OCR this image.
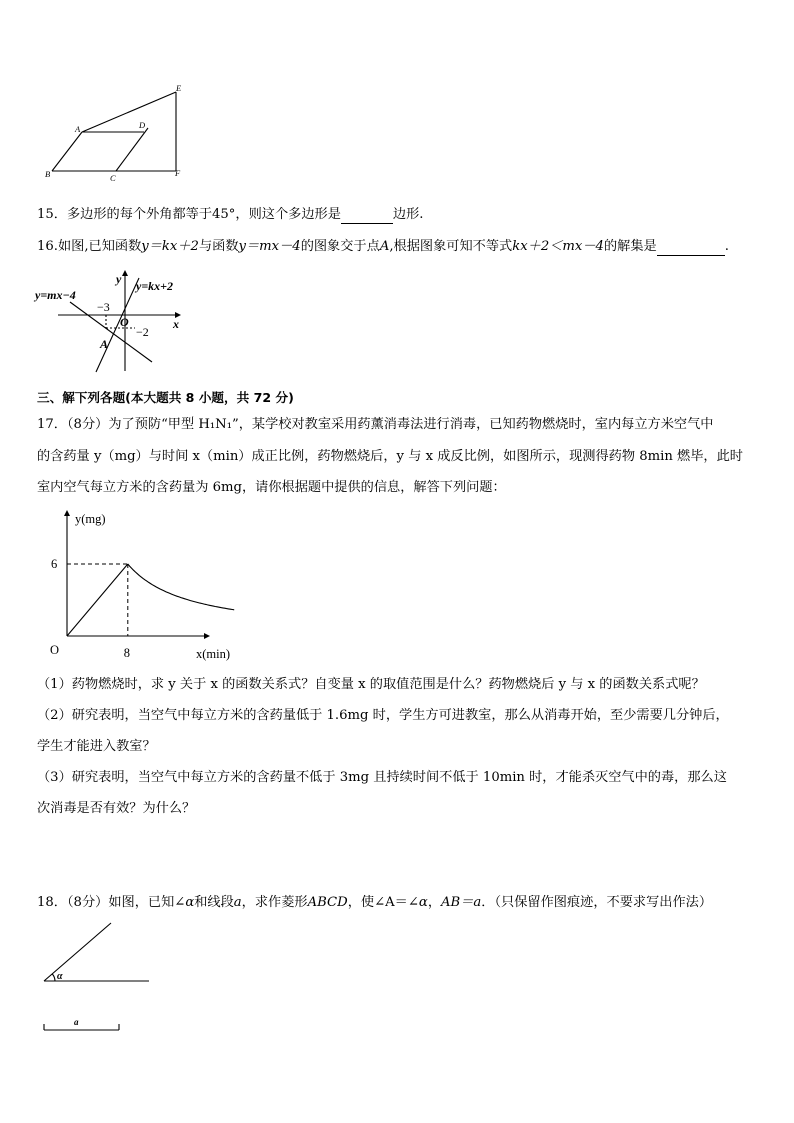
E
A	D
B	C	F
15．多边形的每个外角都等于45°，则这个多边形是	边形.
16.如图,已知函数y＝kx＋2与函数y＝mx－4的图象交于点A,根据图象可知不等式kx＋2＜mx－4的解集是	.
y=mx−4
y=kx+2
y
x
O
A
−3
−2
三、解下列各题(本大题共 8 小题，共 72 分)
17．（8分）为了预防“甲型 H₁N₁”，某学校对教室采用药薰消毒法进行消毒，已知药物燃烧时，室内每立方米空气中
的含药量 y（mg）与时间 x（min）成正比例，药物燃烧后，y 与 x 成反比例，如图所示，现测得药物 8min 燃毕，此时
室内空气每立方米的含药量为 6mg，请你根据题中提供的信息，解答下列问题：
y(mg)
x(min)
O
6
8
（1）药物燃烧时，求 y 关于 x 的函数关系式？自变量 x 的取值范围是什么？药物燃烧后 y 与 x 的函数关系式呢？
（2）研究表明，当空气中每立方米的含药量低于 1.6mg 时，学生方可进教室，那么从消毒开始，至少需要几分钟后，
学生才能进入教室？
（3）研究表明，当空气中每立方米的含药量不低于 3mg 且持续时间不低于 10min 时，才能杀灭空气中的毒，那么这
次消毒是否有效？为什么？
18．（8分）如图，已知∠α和线段a，求作菱形ABCD，使∠A＝∠α，AB＝a．（只保留作图痕迹，不要求写出作法）
α
a
